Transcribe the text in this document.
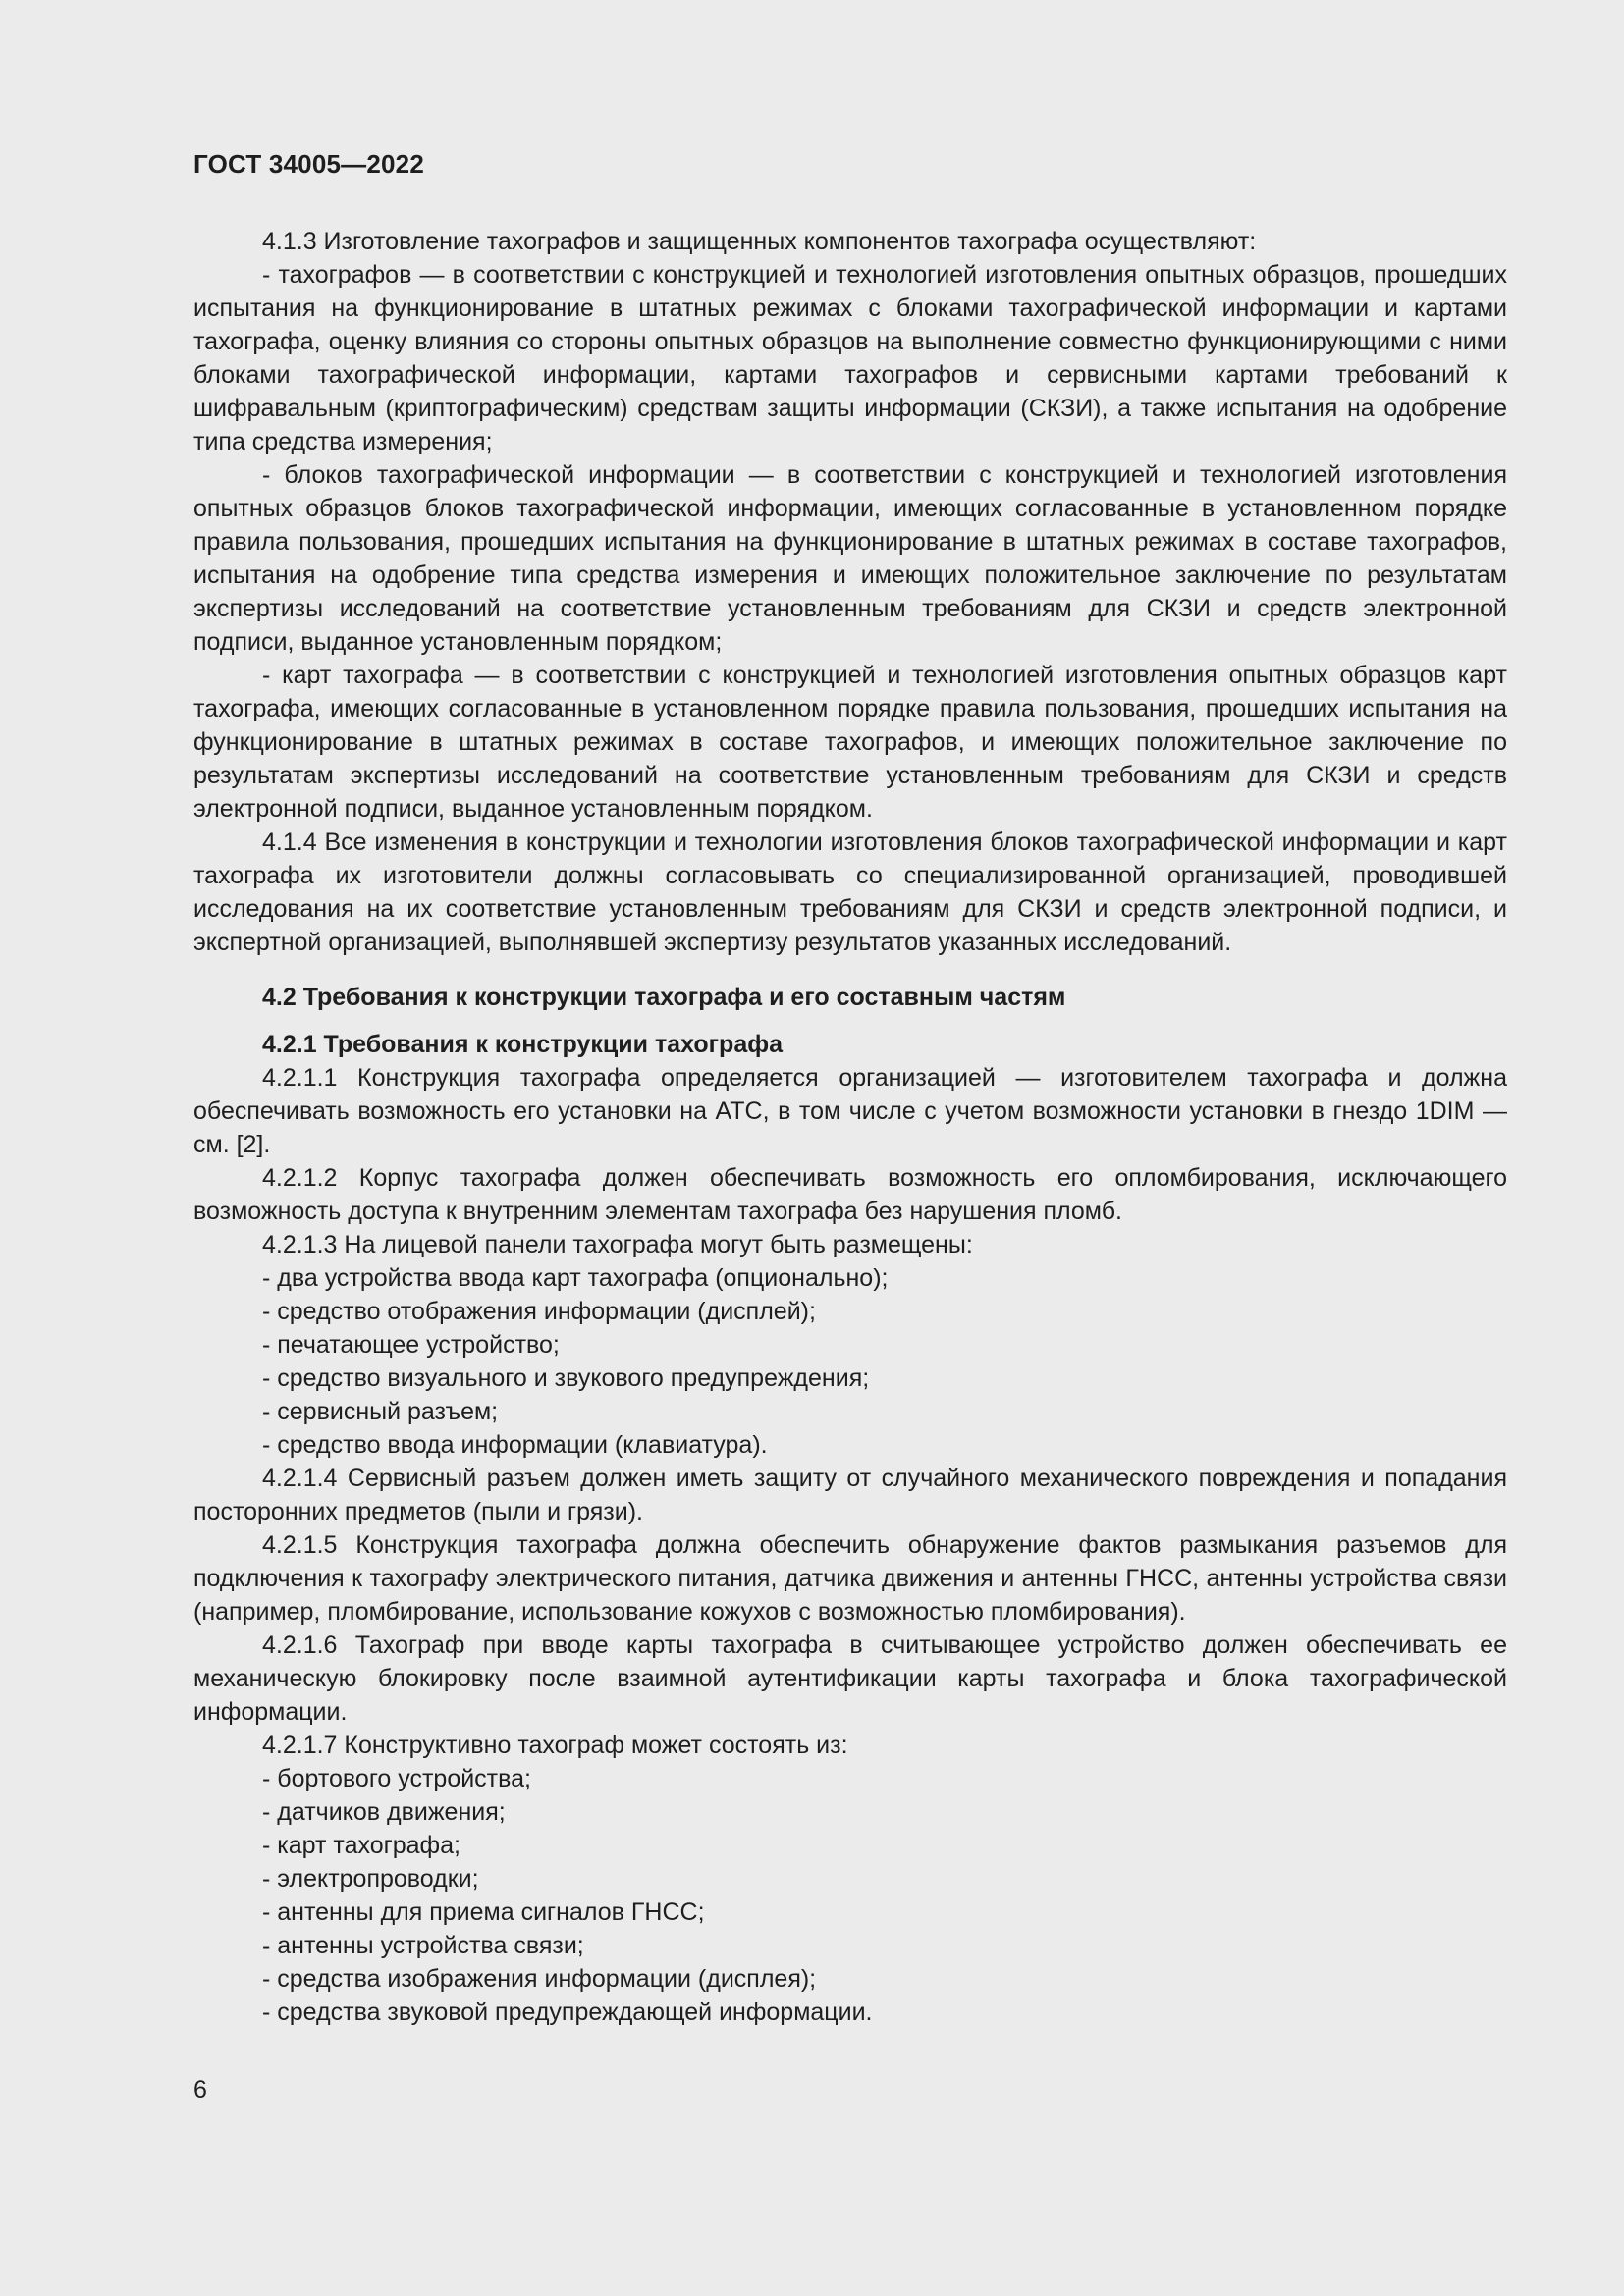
ГОСТ 34005—2022

4.1.3 Изготовление тахографов и защищенных компонентов тахографа осуществляют:

- тахографов — в соответствии с конструкцией и технологией изготовления опытных образцов, прошедших испытания на функционирование в штатных режимах с блоками тахографической информации и картами тахографа, оценку влияния со стороны опытных образцов на выполнение совместно функционирующими с ними блоками тахографической информации, картами тахографов и сервисными картами требований к шифравальным (криптографическим) средствам защиты информации (СКЗИ), а также испытания на одобрение типа средства измерения;

- блоков тахографической информации — в соответствии с конструкцией и технологией изготовления опытных образцов блоков тахографической информации, имеющих согласованные в установленном порядке правила пользования, прошедших испытания на функционирование в штатных режимах в составе тахографов, испытания на одобрение типа средства измерения и имеющих положительное заключение по результатам экспертизы исследований на соответствие установленным требованиям для СКЗИ и средств электронной подписи, выданное установленным порядком;

- карт тахографа — в соответствии с конструкцией и технологией изготовления опытных образцов карт тахографа, имеющих согласованные в установленном порядке правила пользования, прошедших испытания на функционирование в штатных режимах в составе тахографов, и имеющих положительное заключение по результатам экспертизы исследований на соответствие установленным требованиям для СКЗИ и средств электронной подписи, выданное установленным порядком.

4.1.4 Все изменения в конструкции и технологии изготовления блоков тахографической информации и карт тахографа их изготовители должны согласовывать со специализированной организацией, проводившей исследования на их соответствие установленным требованиям для СКЗИ и средств электронной подписи, и экспертной организацией, выполнявшей экспертизу результатов указанных исследований.

4.2 Требования к конструкции тахографа и его составным частям
4.2.1 Требования к конструкции тахографа

4.2.1.1 Конструкция тахографа определяется организацией — изготовителем тахографа и должна обеспечивать возможность его установки на АТС, в том числе с учетом возможности установки в гнездо 1DIM — см. [2].

4.2.1.2 Корпус тахографа должен обеспечивать возможность его опломбирования, исключающего возможность доступа к внутренним элементам тахографа без нарушения пломб.

4.2.1.3 На лицевой панели тахографа могут быть размещены:

- два устройства ввода карт тахографа (опционально);

- средство отображения информации (дисплей);

- печатающее устройство;

- средство визуального и звукового предупреждения;

- сервисный разъем;

- средство ввода информации (клавиатура).

4.2.1.4 Сервисный разъем должен иметь защиту от случайного механического повреждения и попадания посторонних предметов (пыли и грязи).

4.2.1.5 Конструкция тахографа должна обеспечить обнаружение фактов размыкания разъемов для подключения к тахографу электрического питания, датчика движения и антенны ГНСС, антенны устройства связи (например, пломбирование, использование кожухов с возможностью пломбирования).

4.2.1.6 Тахограф при вводе карты тахографа в считывающее устройство должен обеспечивать ее механическую блокировку после взаимной аутентификации карты тахографа и блока тахографической информации.

4.2.1.7 Конструктивно тахограф может состоять из:

- бортового устройства;

- датчиков движения;

- карт тахографа;

- электропроводки;

- антенны для приема сигналов ГНСС;

- антенны устройства связи;

- средства изображения информации (дисплея);

- средства звуковой предупреждающей информации.

6
